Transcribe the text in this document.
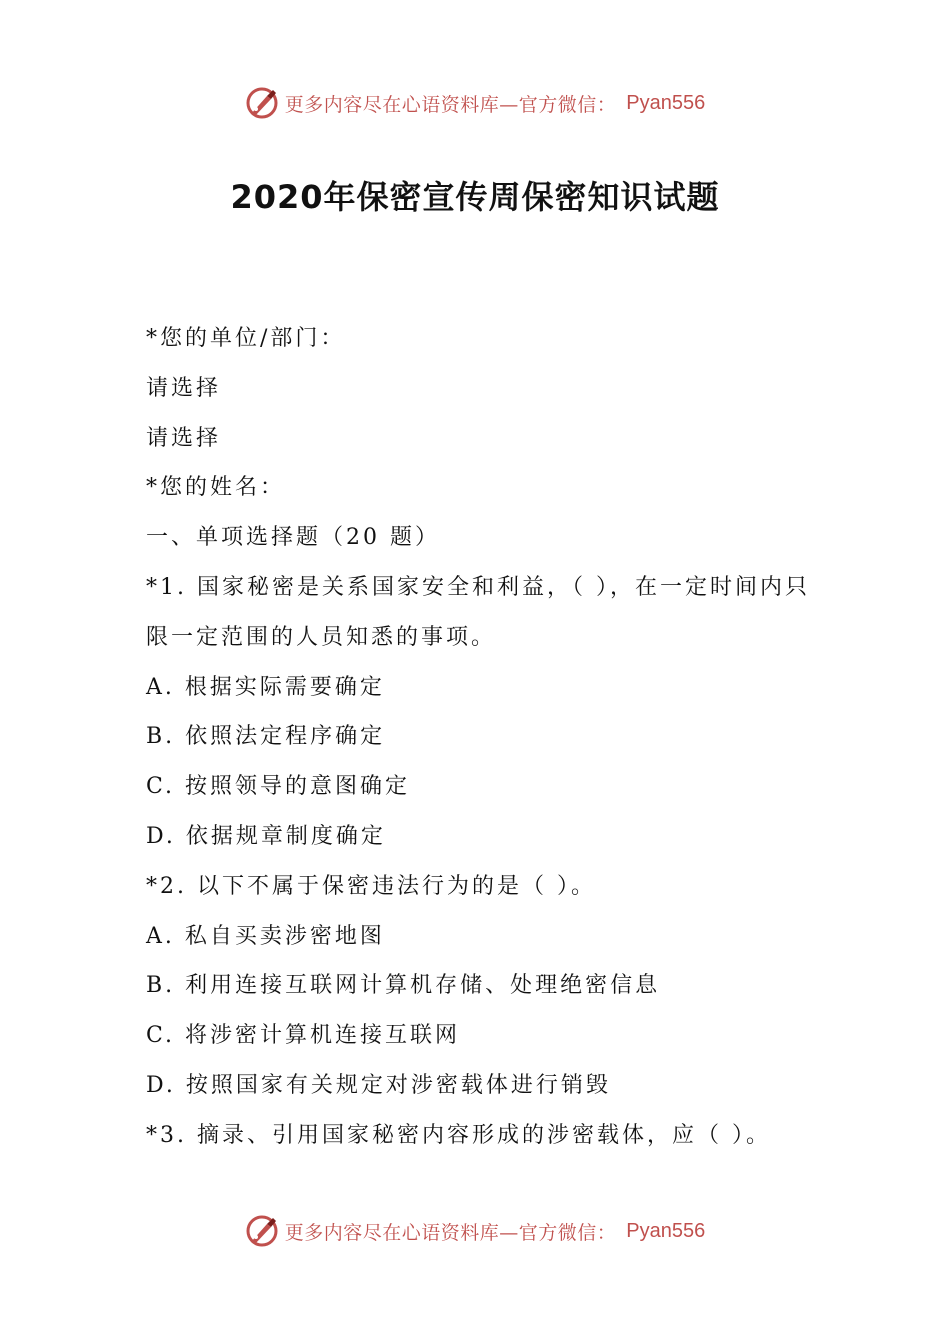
更多内容尽在心语资料库—官方微信： Pyan556
2020年保密宣传周保密知识试题
*您的单位/部门：
请选择
请选择
*您的姓名：
一、单项选择题（20 题）
*1. 国家秘密是关系国家安全和利益，（ ），在一定时间内只限一定范围的人员知悉的事项。
A. 根据实际需要确定
B. 依照法定程序确定
C. 按照领导的意图确定
D. 依据规章制度确定
*2. 以下不属于保密违法行为的是（ ）。
A. 私自买卖涉密地图
B. 利用连接互联网计算机存储、处理绝密信息
C. 将涉密计算机连接互联网
D. 按照国家有关规定对涉密载体进行销毁
*3. 摘录、引用国家秘密内容形成的涉密载体，应（ ）。
更多内容尽在心语资料库—官方微信： Pyan556
